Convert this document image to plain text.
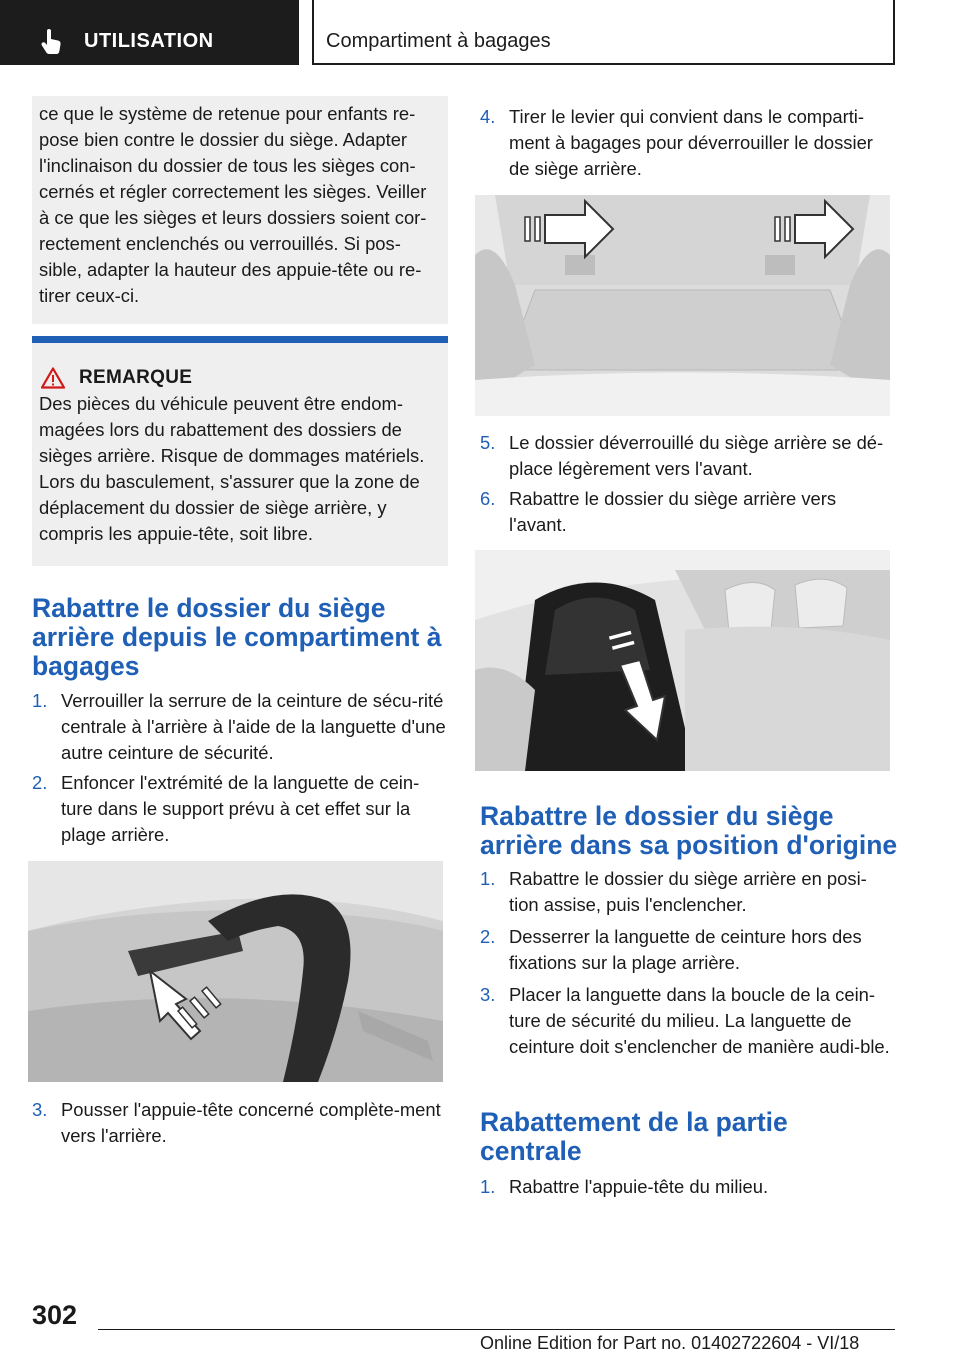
UTILISATION	Compartiment à bagages

ce que le système de retenue pour enfants re-pose bien contre le dossier du siège. Adapter l'inclinaison du dossier de tous les sièges con-cernés et régler correctement les sièges. Veiller à ce que les sièges et leurs dossiers soient cor-rectement enclenchés ou verrouillés. Si pos-sible, adapter la hauteur des appuie-tête ou re-tirer ceux-ci.

REMARQUE

Des pièces du véhicule peuvent être endom-magées lors du rabattement des dossiers de sièges arrière. Risque de dommages matériels. Lors du basculement, s'assurer que la zone de déplacement du dossier de siège arrière, y compris les appuie-tête, soit libre.

Rabattre le dossier du siège arrière depuis le compartiment à bagages
1. Verrouiller la serrure de la ceinture de sécu-rité centrale à l'arrière à l'aide de la languette d'une autre ceinture de sécurité.
2. Enfoncer l'extrémité de la languette de cein-ture dans le support prévu à cet effet sur la plage arrière.
3. Pousser l'appuie-tête concerné complète-ment vers l'arrière.
4. Tirer le levier qui convient dans le comparti-ment à bagages pour déverrouiller le dossier de siège arrière.
5. Le dossier déverrouillé du siège arrière se dé-place légèrement vers l'avant.
6. Rabattre le dossier du siège arrière vers l'avant.
Rabattre le dossier du siège arrière dans sa position d'origine
1. Rabattre le dossier du siège arrière en posi-tion assise, puis l'enclencher.
2. Desserrer la languette de ceinture hors des fixations sur la plage arrière.
3. Placer la languette dans la boucle de la cein-ture de sécurité du milieu. La languette de ceinture doit s'enclencher de manière audi-ble.
Rabattement de la partie centrale
1. Rabattre l'appuie-tête du milieu.
302
Online Edition for Part no. 01402722604 - VI/18
